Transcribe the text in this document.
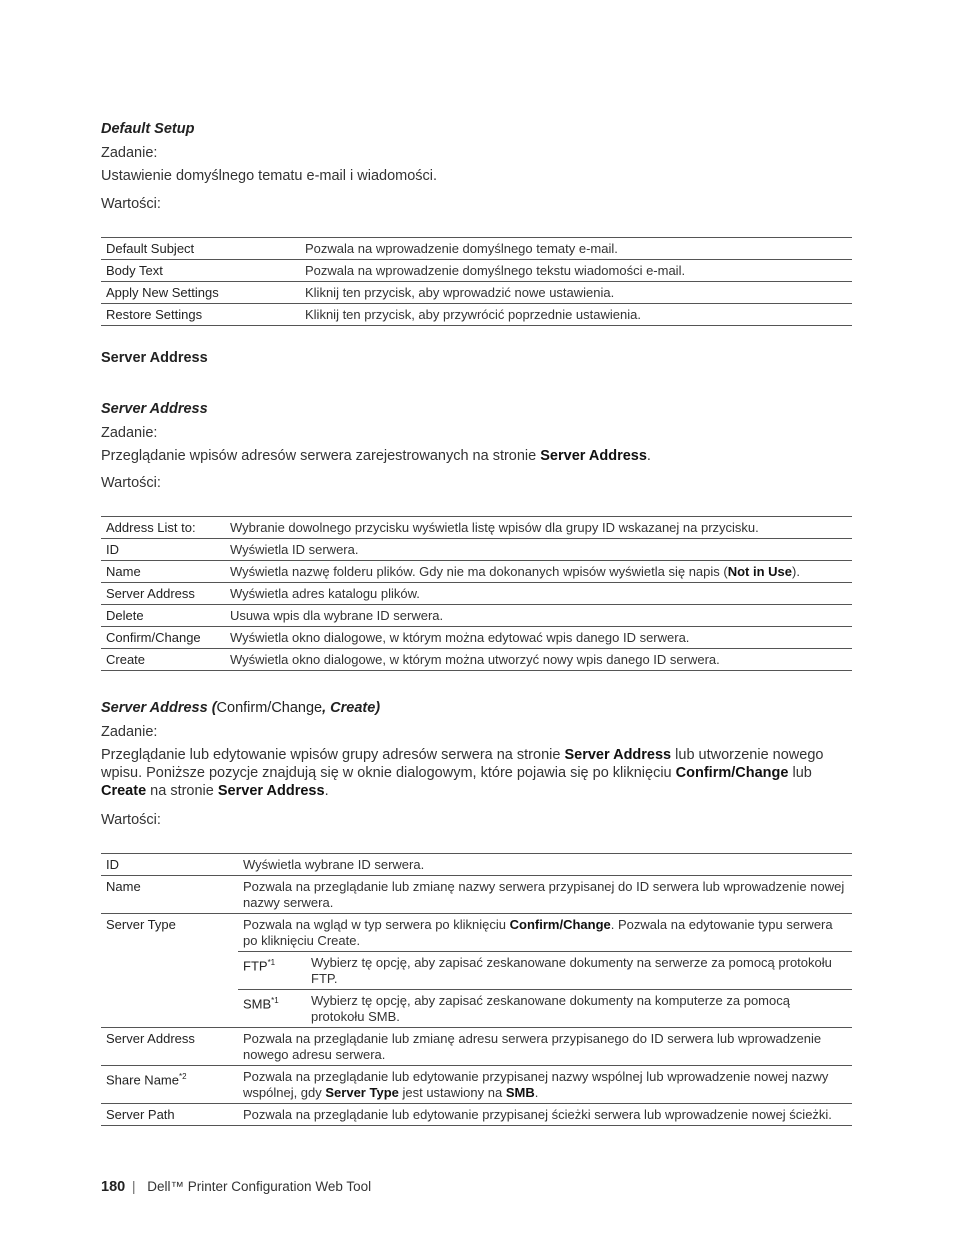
Default Setup
Zadanie:
Ustawienie domyślnego tematu e-mail i wiadomości.
Wartości:
Default Subject	Pozwala na wprowadzenie domyślnego tematy e-mail.
Body Text	Pozwala na wprowadzenie domyślnego tekstu wiadomości e-mail.
Apply New Settings	Kliknij ten przycisk, aby wprowadzić nowe ustawienia.
Restore Settings	Kliknij ten przycisk, aby przywrócić poprzednie ustawienia.
Server Address
Server Address
Zadanie:
Przeglądanie wpisów adresów serwera zarejestrowanych na stronie Server Address.
Wartości:
Address List to:	Wybranie dowolnego przycisku wyświetla listę wpisów dla grupy ID wskazanej na przycisku.
ID	Wyświetla ID serwera.
Name	Wyświetla nazwę folderu plików. Gdy nie ma dokonanych wpisów wyświetla się napis (Not in Use).
Server Address	Wyświetla adres katalogu plików.
Delete	Usuwa wpis dla wybrane ID serwera.
Confirm/Change	Wyświetla okno dialogowe, w którym można edytować wpis danego ID serwera.
Create	Wyświetla okno dialogowe, w którym można utworzyć nowy wpis danego ID serwera.
Server Address (Confirm/Change, Create)
Zadanie:
Przeglądanie lub edytowanie wpisów grupy adresów serwera na stronie Server Address lub utworzenie nowego wpisu. Poniższe pozycje znajdują się w oknie dialogowym, które pojawia się po kliknięciu Confirm/Change lub Create na stronie Server Address.
Wartości:
ID	Wyświetla wybrane ID serwera.
Name	Pozwala na przeglądanie lub zmianę nazwy serwera przypisanej do ID serwera lub wprowadzenie nowej nazwy serwera.
Server Type	Pozwala na wgląd w typ serwera po kliknięciu Confirm/Change. Pozwala na edytowanie typu serwera po kliknięciu Create.
FTP$^{*1}$	Wybierz tę opcję, aby zapisać zeskanowane dokumenty na serwerze za pomocą protokołu FTP.
SMB$^{*1}$	Wybierz tę opcję, aby zapisać zeskanowane dokumenty na komputerze za pomocą protokołu SMB.

Server Address	Pozwala na przeglądanie lub zmianę adresu serwera przypisanego do ID serwera lub wprowadzenie nowego adresu serwera.
Share Name$^{*2}$	Pozwala na przeglądanie lub edytowanie przypisanej nazwy wspólnej lub wprowadzenie nowej nazwy wspólnej, gdy Server Type jest ustawiony na SMB.
Server Path	Pozwala na przeglądanie lub edytowanie przypisanej ścieżki serwera lub wprowadzenie nowej ścieżki.
180 | Dell™ Printer Configuration Web Tool
